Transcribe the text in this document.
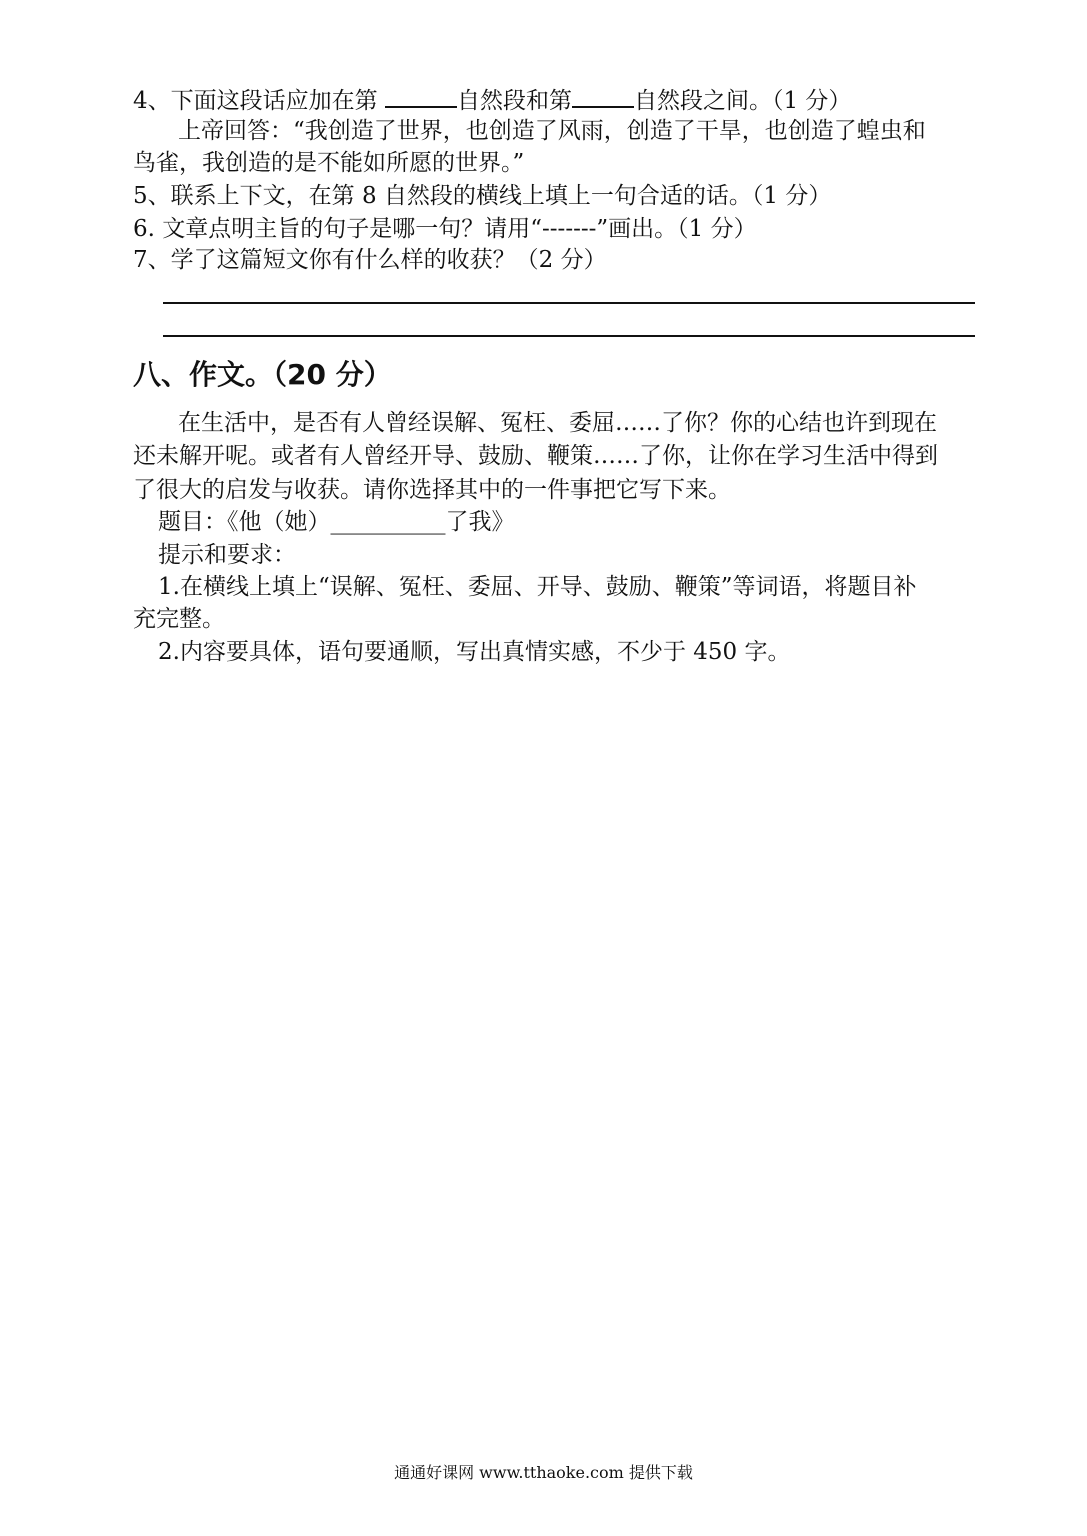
4、下面这段话应加在第	自然段和第	自然段之间。（1 分）
上帝回答：“我创造了世界，也创造了风雨，创造了干旱，也创造了蝗虫和
鸟雀，我创造的是不能如所愿的世界。”
5、联系上下文，在第 8 自然段的横线上填上一句合适的话。（1 分）
6. 文章点明主旨的句子是哪一句？请用“-------”画出。（1 分）
7、学了这篇短文你有什么样的收获？（2 分）
八、作文。（20 分）
在生活中，是否有人曾经误解、冤枉、委屈……了你？你的心结也许到现在
还未解开呢。或者有人曾经开导、鼓励、鞭策……了你，让你在学习生活中得到
了很大的启发与收获。请你选择其中的一件事把它写下来。
题目：《他（她）__________了我》
提示和要求：
1.在横线上填上“误解、冤枉、委屈、开导、鼓励、鞭策”等词语，将题目补
充完整。
2.内容要具体，语句要通顺，写出真情实感，不少于 450 字。
通通好课网 www.tthaoke.com 提供下载
